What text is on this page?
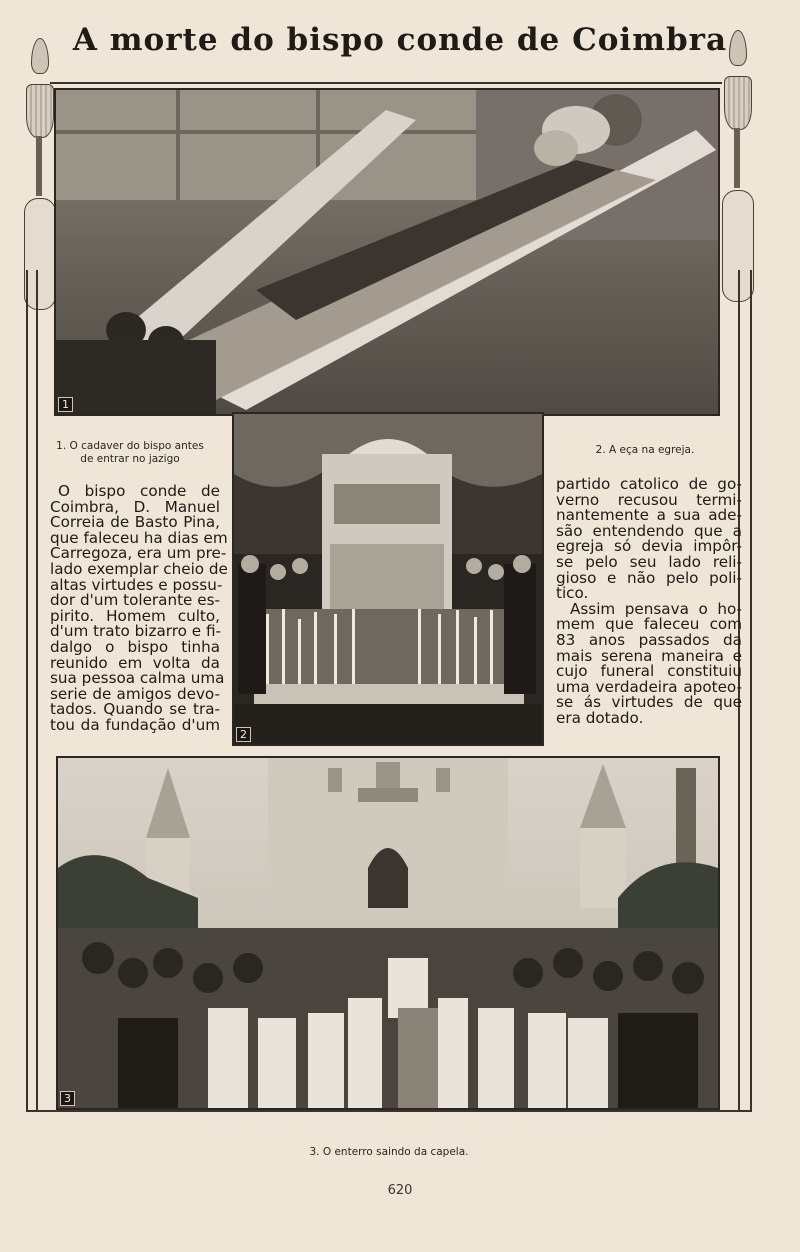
A morte do bispo conde de Coimbra
1
1. O cadaver do bispo antes
de entrar no jazigo
2
2. A eça na egreja.
O bispo conde de
Coimbra, D. Manuel
Correia de Basto Pina,
que faleceu ha dias em
Carregoza, era um pre-
lado exemplar cheio de
altas virtudes e possu-
dor d'um tolerante es-
pirito. Homem culto,
d'um trato bizarro e fi-
dalgo o bispo tinha
reunido em volta da
sua pessoa calma uma
serie de amigos devo-
tados. Quando se tra-
tou da fundação d'um
partido catolico de go-
verno recusou termi-
nantemente a sua ade-
são entendendo que a
egreja só devia impôr-
se pelo seu lado reli-
gioso e não pelo poli-
tico.
Assim pensava o ho-
mem que faleceu com
83 anos passados da
mais serena maneira e
cujo funeral constituiu
uma verdadeira apoteo-
se ás virtudes de que
era dotado.
3
3. O enterro saindo da capela.
620
